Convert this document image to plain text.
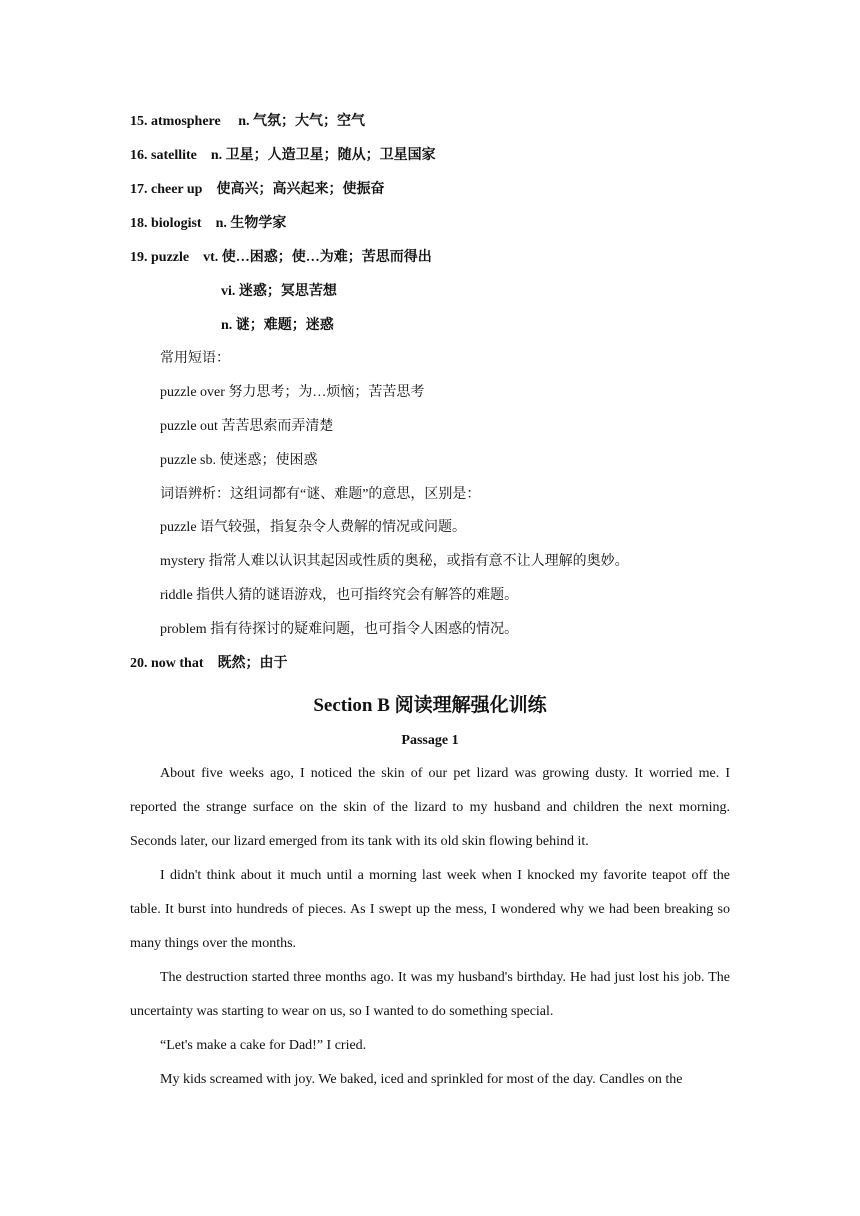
15. atmosphere n. 气氛；大气；空气
16. satellite n. 卫星；人造卫星；随从；卫星国家
17. cheer up 使高兴；高兴起来；使振奋
18. biologist n. 生物学家
19. puzzle vt. 使…困惑；使…为难；苦思而得出
vi. 迷惑；冥思苦想
n. 谜；难题；迷惑
常用短语：
puzzle over 努力思考；为…烦恼；苦苦思考
puzzle out 苦苦思索而弄清楚
puzzle sb. 使迷惑；使困惑
词语辨析：这组词都有“谜、难题”的意思，区别是：
puzzle 语气较强，指复杂令人费解的情况或问题。
mystery 指常人难以认识其起因或性质的奥秘，或指有意不让人理解的奥妙。
riddle 指供人猜的谜语游戏，也可指终究会有解答的难题。
problem 指有待探讨的疑难问题，也可指令人困惑的情况。
20. now that 既然；由于
Section B 阅读理解强化训练
Passage 1

About five weeks ago, I noticed the skin of our pet lizard was growing dusty. It worried me. I reported the strange surface on the skin of the lizard to my husband and children the next morning. Seconds later, our lizard emerged from its tank with its old skin flowing behind it.

I didn't think about it much until a morning last week when I knocked my favorite teapot off the table. It burst into hundreds of pieces. As I swept up the mess, I wondered why we had been breaking so many things over the months.

The destruction started three months ago. It was my husband's birthday. He had just lost his job. The uncertainty was starting to wear on us, so I wanted to do something special.

“Let's make a cake for Dad!” I cried.

My kids screamed with joy. We baked, iced and sprinkled for most of the day. Candles on the
